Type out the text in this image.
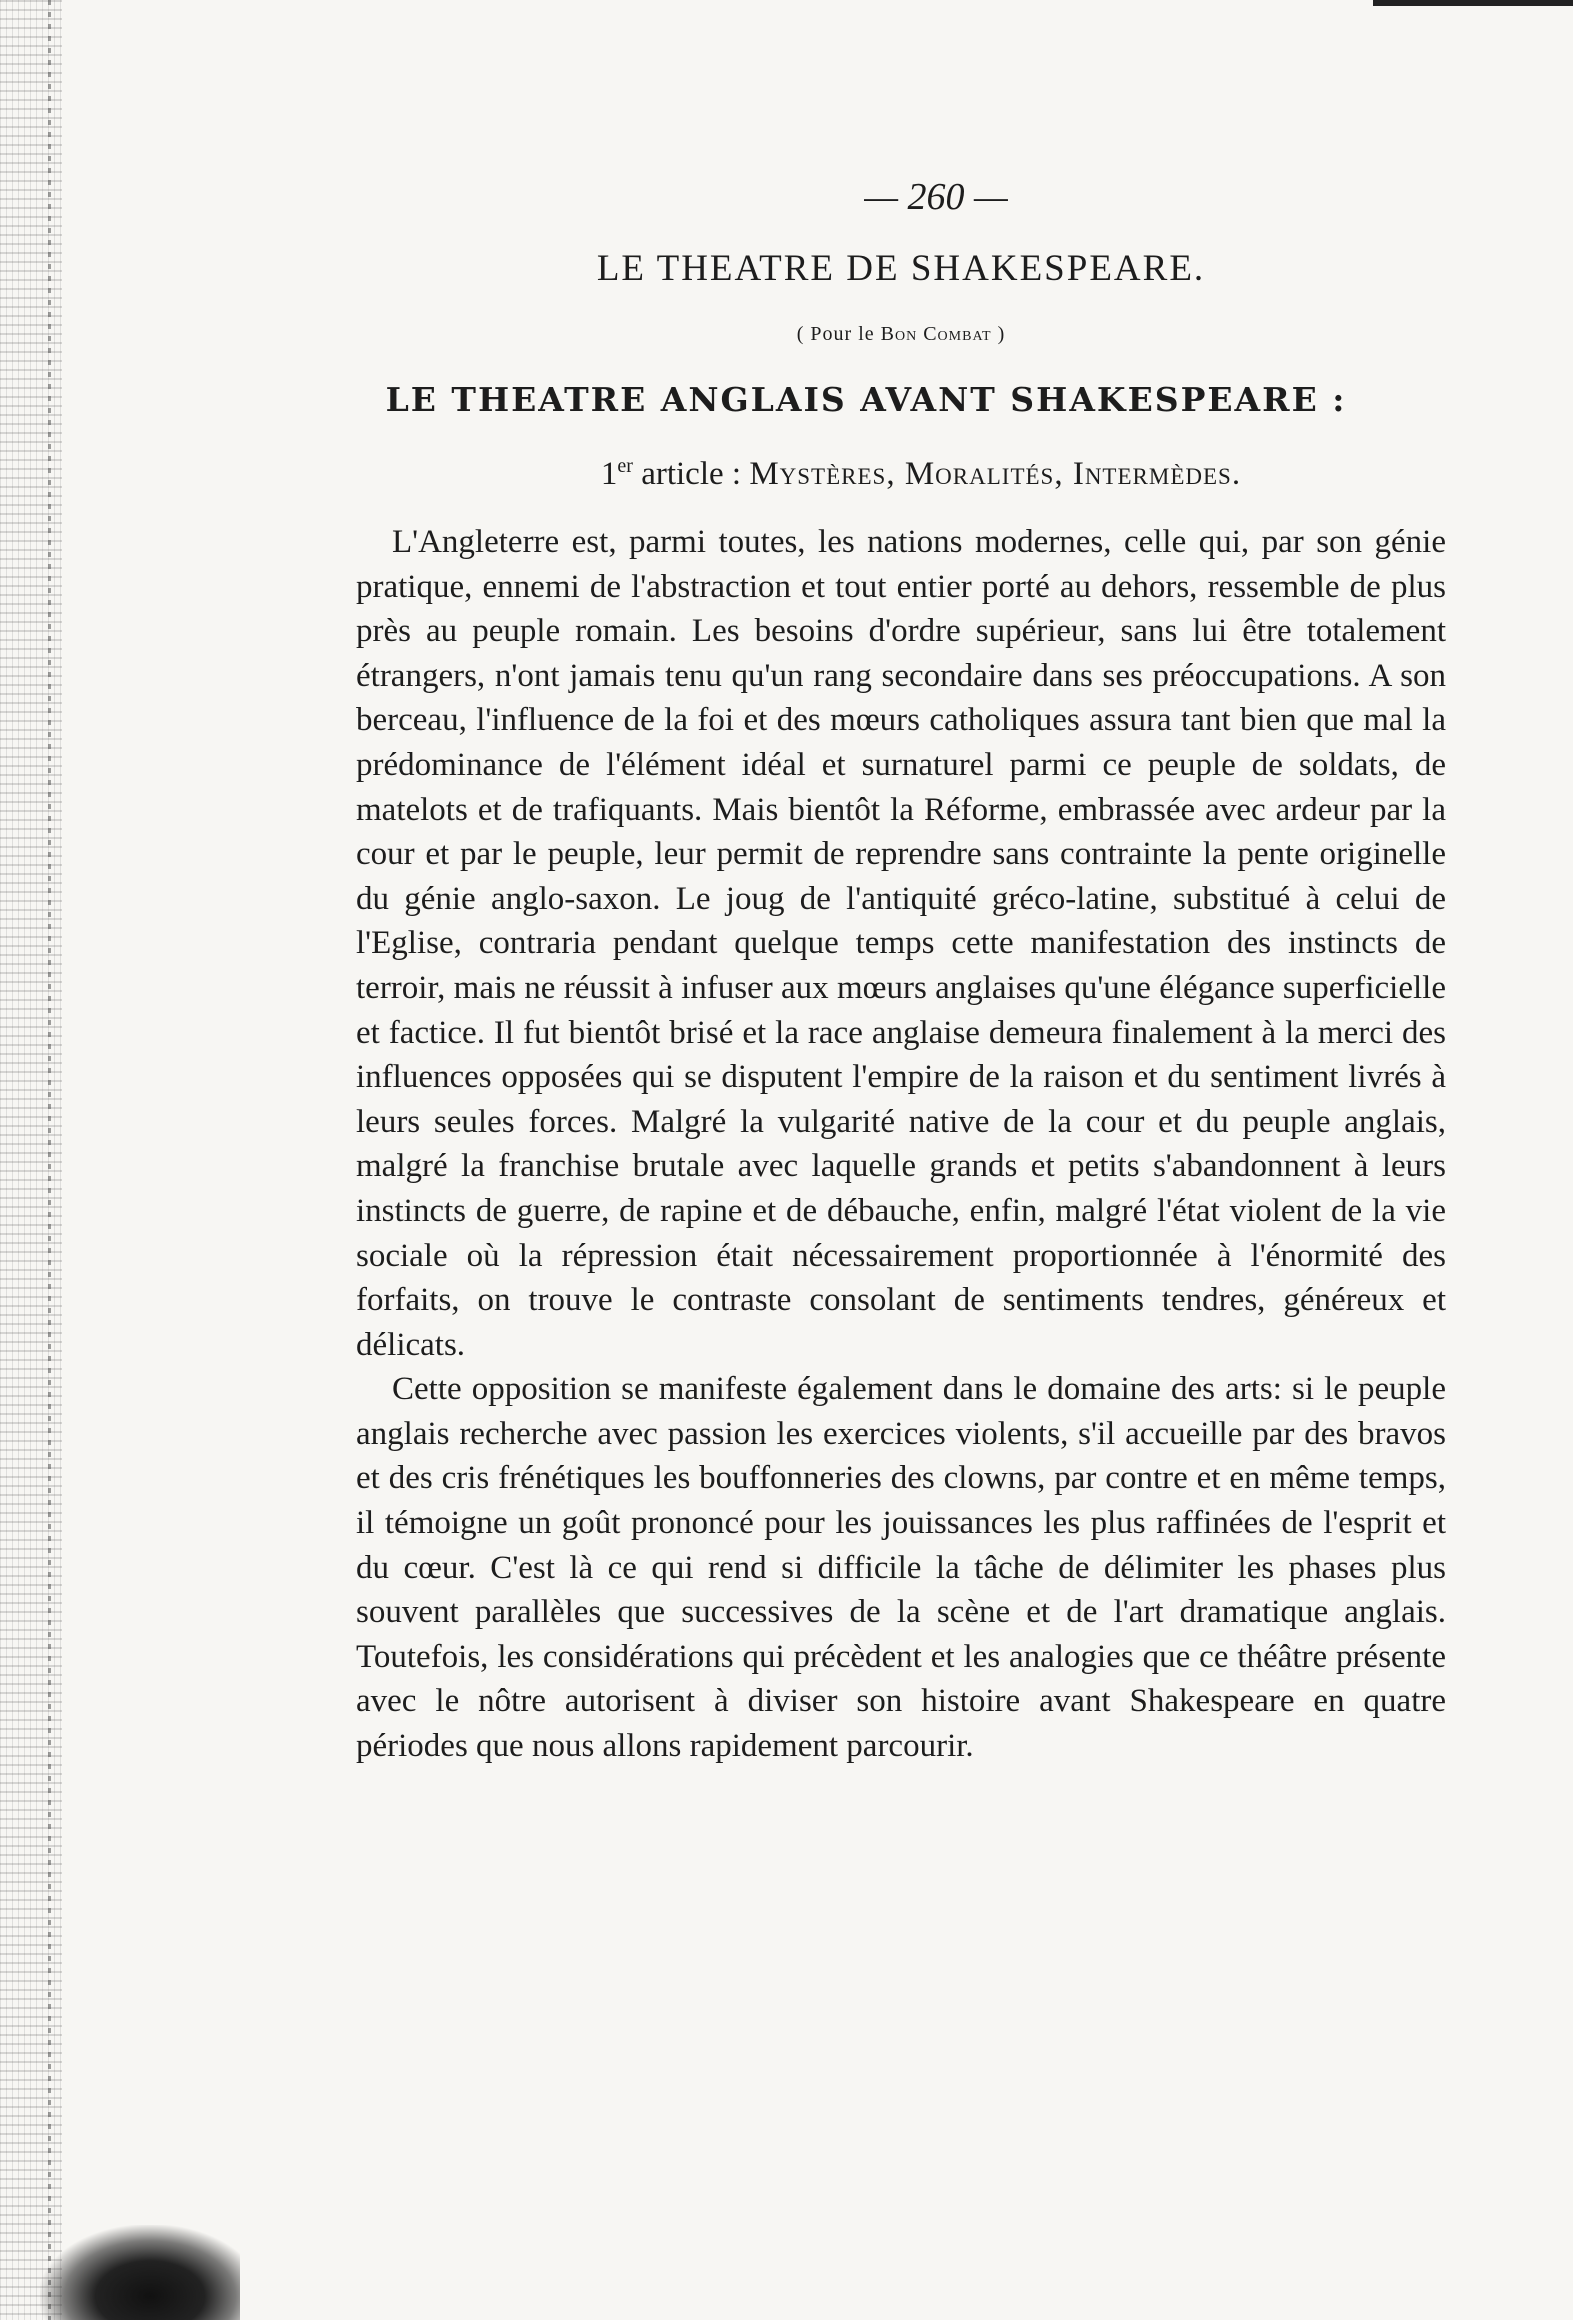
— 260 —

LE THEATRE DE SHAKESPEARE.

( Pour le Bon Combat )

LE THEATRE ANGLAIS AVANT SHAKESPEARE :

1er article : Mystères, Moralités, Intermèdes.

L'Angleterre est, parmi toutes, les nations modernes, celle qui, par son génie pratique, ennemi de l'abstraction et tout entier porté au dehors, ressemble de plus près au peuple romain. Les besoins d'ordre supérieur, sans lui être totalement étrangers, n'ont jamais tenu qu'un rang secondaire dans ses préoccupations. A son berceau, l'influence de la foi et des mœurs catholiques assura tant bien que mal la prédominance de l'élément idéal et surnaturel parmi ce peuple de soldats, de matelots et de trafiquants. Mais bientôt la Réforme, embrassée avec ardeur par la cour et par le peuple, leur permit de reprendre sans contrainte la pente originelle du génie anglo-saxon. Le joug de l'antiquité gréco-latine, substitué à celui de l'Eglise, contraria pendant quelque temps cette manifestation des instincts de terroir, mais ne réussit à infuser aux mœurs anglaises qu'une élégance superficielle et factice. Il fut bientôt brisé et la race anglaise demeura finalement à la merci des influences opposées qui se disputent l'empire de la raison et du sentiment livrés à leurs seules forces. Malgré la vulgarité native de la cour et du peuple anglais, malgré la franchise brutale avec laquelle grands et petits s'abandonnent à leurs instincts de guerre, de rapine et de débauche, enfin, malgré l'état violent de la vie sociale où la répression était nécessairement proportionnée à l'énormité des forfaits, on trouve le contraste consolant de sentiments tendres, généreux et délicats.

Cette opposition se manifeste également dans le domaine des arts: si le peuple anglais recherche avec passion les exercices violents, s'il accueille par des bravos et des cris frénétiques les bouffonneries des clowns, par contre et en même temps, il témoigne un goût prononcé pour les jouissances les plus raffinées de l'esprit et du cœur. C'est là ce qui rend si difficile la tâche de délimiter les phases plus souvent parallèles que successives de la scène et de l'art dramatique anglais. Toutefois, les considérations qui précèdent et les analogies que ce théâtre présente avec le nôtre autorisent à diviser son histoire avant Shakespeare en quatre périodes que nous allons rapidement parcourir.
